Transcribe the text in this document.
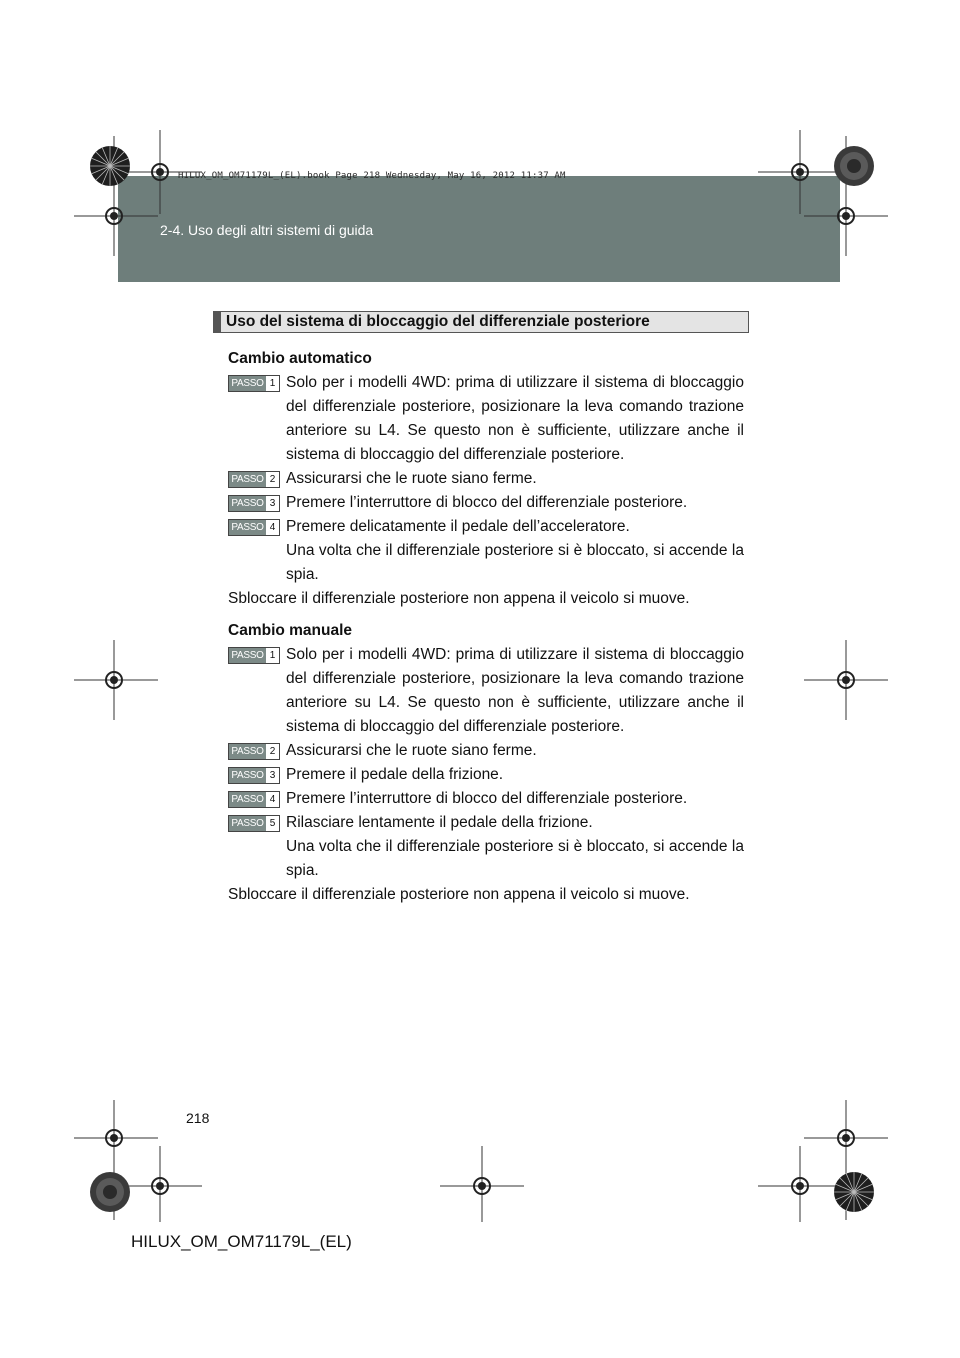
HILUX_OM_OM71179L_(EL).book Page 218 Wednesday, May 16, 2012 11:37 AM
2-4. Uso degli altri sistemi di guida
Uso del sistema di bloccaggio del differenziale posteriore
Cambio automatico
PASSO 1 Solo per i modelli 4WD: prima di utilizzare il sistema di bloccaggio del differenziale posteriore, posizionare la leva comando trazione anteriore su L4. Se questo non è sufficiente, utilizzare anche il sistema di bloccaggio del differenziale posteriore.
PASSO 2 Assicurarsi che le ruote siano ferme.
PASSO 3 Premere l’interruttore di blocco del differenziale posteriore.
PASSO 4 Premere delicatamente il pedale dell’acceleratore.
Una volta che il differenziale posteriore si è bloccato, si accende la spia.
Sbloccare il differenziale posteriore non appena il veicolo si muove.
Cambio manuale
PASSO 1 Solo per i modelli 4WD: prima di utilizzare il sistema di bloccaggio del differenziale posteriore, posizionare la leva comando trazione anteriore su L4. Se questo non è sufficiente, utilizzare anche il sistema di bloccaggio del differenziale posteriore.
PASSO 2 Assicurarsi che le ruote siano ferme.
PASSO 3 Premere il pedale della frizione.
PASSO 4 Premere l’interruttore di blocco del differenziale posteriore.
PASSO 5 Rilasciare lentamente il pedale della frizione.
Una volta che il differenziale posteriore si è bloccato, si accende la spia.
Sbloccare il differenziale posteriore non appena il veicolo si muove.
218
HILUX_OM_OM71179L_(EL)
